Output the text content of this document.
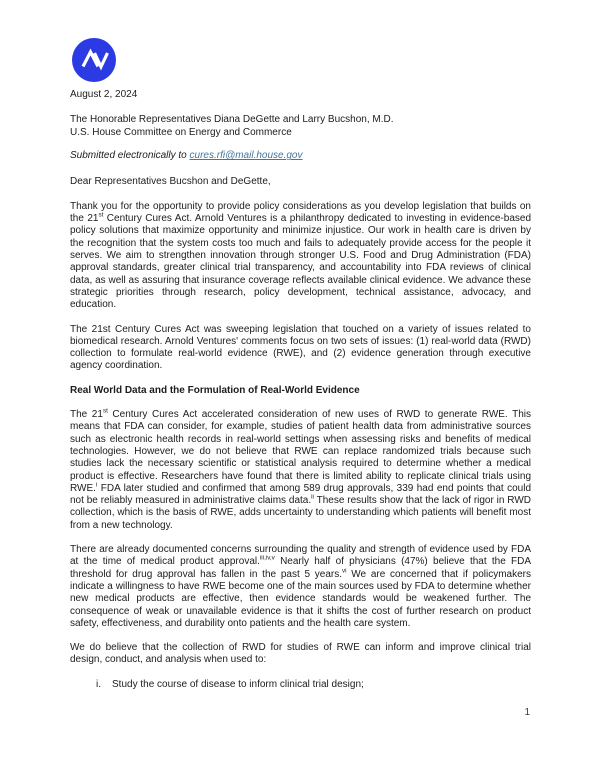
August 2, 2024

The Honorable Representatives Diana DeGette and Larry Bucshon, M.D.
U.S. House Committee on Energy and Commerce

Submitted electronically to cures.rfi@mail.house.gov

Dear Representatives Bucshon and DeGette,

Thank you for the opportunity to provide policy considerations as you develop legislation that builds on the 21st Century Cures Act. Arnold Ventures is a philanthropy dedicated to investing in evidence-based policy solutions that maximize opportunity and minimize injustice. Our work in health care is driven by the recognition that the system costs too much and fails to adequately provide access for the people it serves. We aim to strengthen innovation through stronger U.S. Food and Drug Administration (FDA) approval standards, greater clinical trial transparency, and accountability into FDA reviews of clinical data, as well as assuring that insurance coverage reflects available clinical evidence. We advance these strategic priorities through research, policy development, technical assistance, advocacy, and education.

The 21st Century Cures Act was sweeping legislation that touched on a variety of issues related to biomedical research. Arnold Ventures' comments focus on two sets of issues: (1) real-world data (RWD) collection to formulate real-world evidence (RWE), and (2) evidence generation through executive agency coordination.

Real World Data and the Formulation of Real-World Evidence

The 21st Century Cures Act accelerated consideration of new uses of RWD to generate RWE. This means that FDA can consider, for example, studies of patient health data from administrative sources such as electronic health records in real-world settings when assessing risks and benefits of medical technologies. However, we do not believe that RWE can replace randomized trials because such studies lack the necessary scientific or statistical analysis required to determine whether a medical product is effective. Researchers have found that there is limited ability to replicate clinical trials using RWE.$^i$ FDA later studied and confirmed that among 589 drug approvals, 339 had end points that could not be reliably measured in administrative claims data.$^{ii}$ These results show that the lack of rigor in RWD collection, which is the basis of RWE, adds uncertainty to understanding which patients will benefit most from a new technology.

There are already documented concerns surrounding the quality and strength of evidence used by FDA at the time of medical product approval.$^{iii,iv,v}$ Nearly half of physicians (47%) believe that the FDA threshold for drug approval has fallen in the past 5 years.$^{vi}$ We are concerned that if policymakers indicate a willingness to have RWE become one of the main sources used by FDA to determine whether new medical products are effective, then evidence standards would be weakened further. The consequence of weak or unavailable evidence is that it shifts the cost of further research on product safety, effectiveness, and durability onto patients and the health care system.

We do believe that the collection of RWD for studies of RWE can inform and improve clinical trial design, conduct, and analysis when used to:

i.	Study the course of disease to inform clinical trial design;
1
